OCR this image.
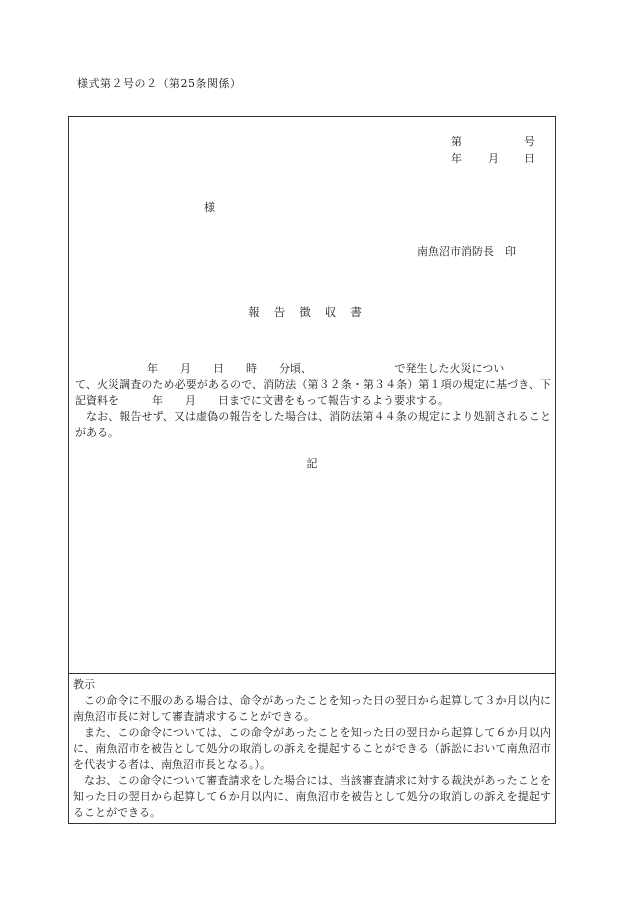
様式第２号の２（第25条関係）
第	号
年 月 日
様
南魚沼市消防長　印
報告徴収書

年　　月　　日　　時　　分頃、　　　　　　　　で発生した火災につい

て、火災調査のため必要があるので、消防法（第３２条・第３４条）第１項の規定に基づき、下記資料を　　　年　　月　　日までに文書をもって報告するよう要求する。

なお、報告せず、又は虚偽の報告をした場合は、消防法第４４条の規定により処罰されることがある。

記

教示

この命令に不服のある場合は、命令があったことを知った日の翌日から起算して３か月以内に南魚沼市長に対して審査請求することができる。

また、この命令については、この命令があったことを知った日の翌日から起算して６か月以内に、南魚沼市を被告として処分の取消しの訴えを提起することができる（訴訟において南魚沼市を代表する者は、南魚沼市長となる。）。

なお、この命令について審査請求をした場合には、当該審査請求に対する裁決があったことを知った日の翌日から起算して６か月以内に、南魚沼市を被告として処分の取消しの訴えを提起することができる。
